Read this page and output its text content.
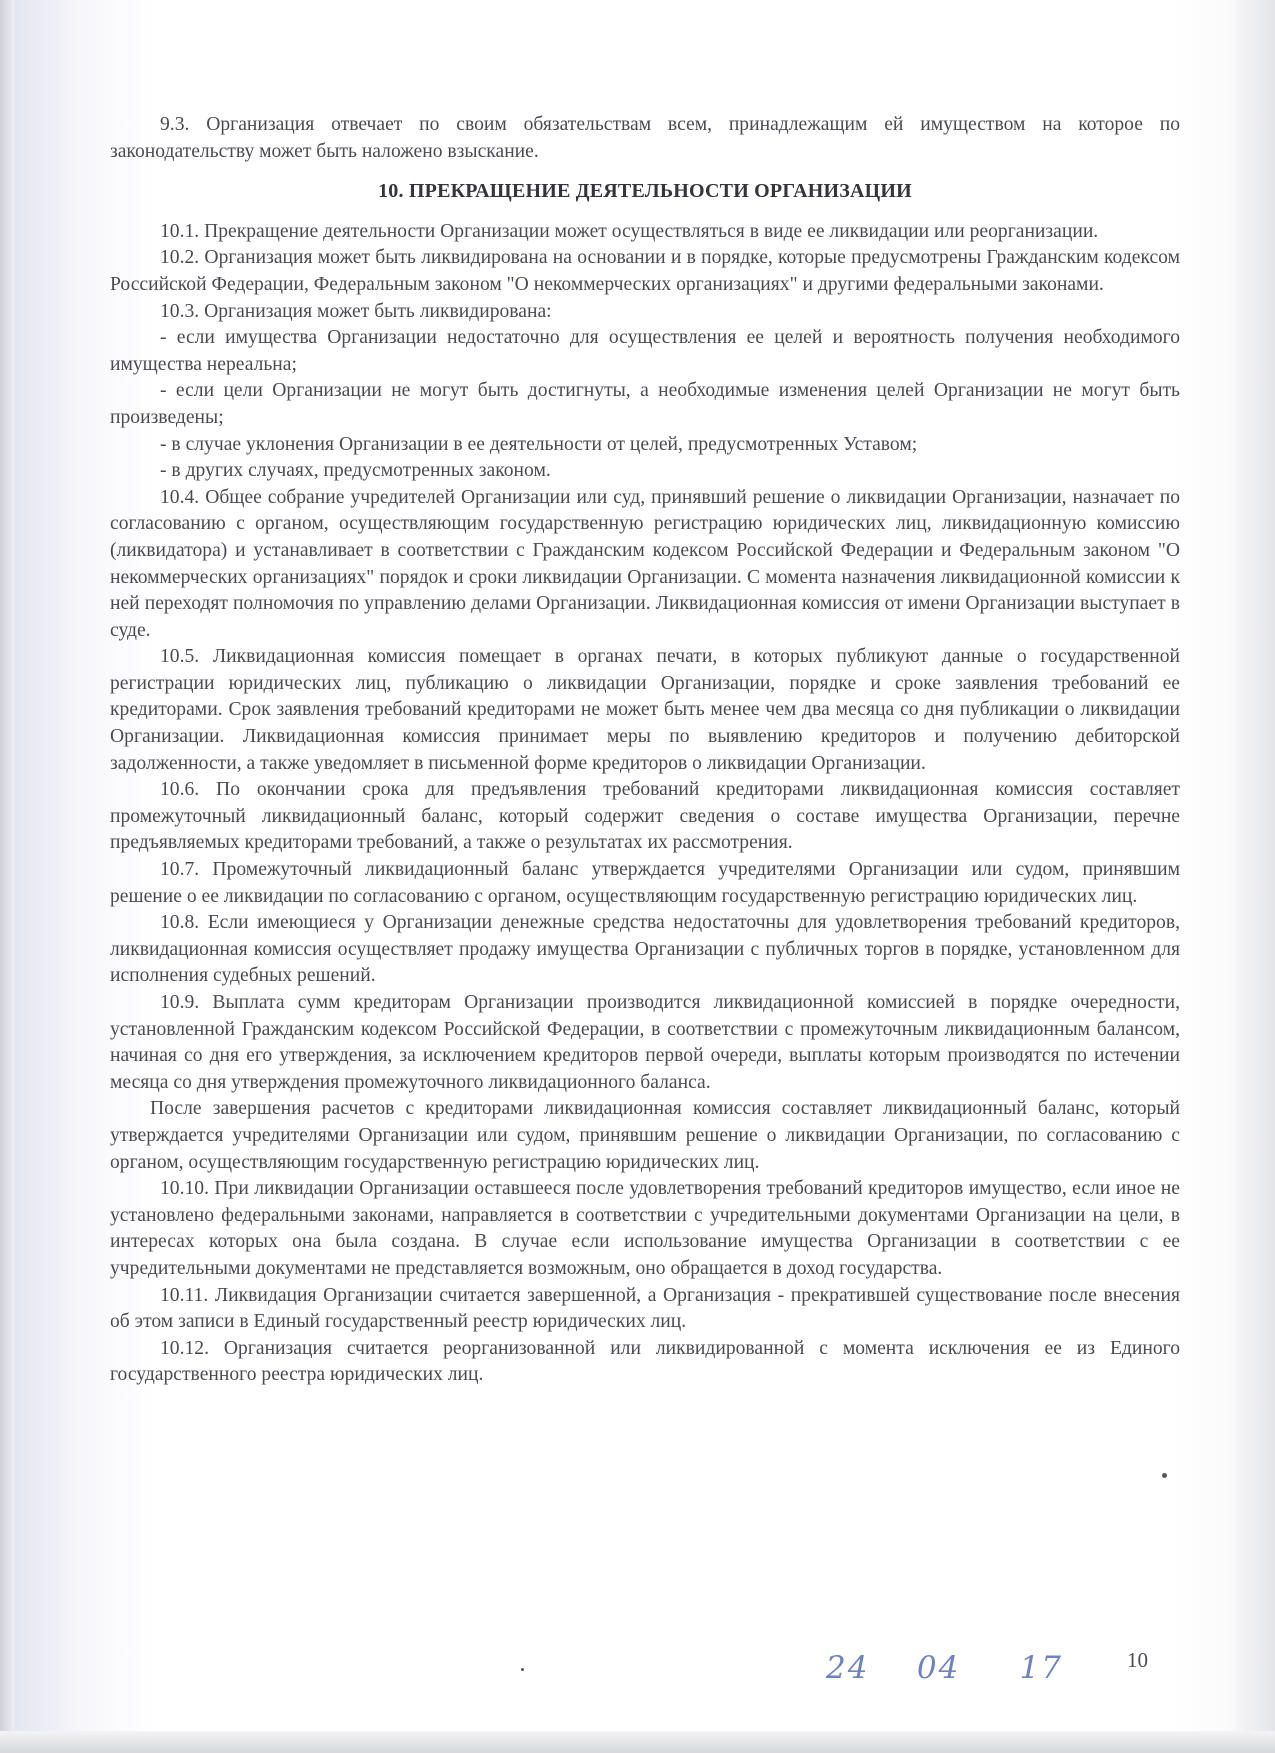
9.3. Организация отвечает по своим обязательствам всем, принадлежащим ей имуществом на которое по законодательству может быть наложено взыскание.

10. ПРЕКРАЩЕНИЕ ДЕЯТЕЛЬНОСТИ ОРГАНИЗАЦИИ

10.1. Прекращение деятельности Организации может осуществляться в виде ее ликвидации или реорганизации.

10.2. Организация может быть ликвидирована на основании и в порядке, которые предусмотрены Гражданским кодексом Российской Федерации, Федеральным законом "О некоммерческих организациях" и другими федеральными законами.

10.3. Организация может быть ликвидирована:

- если имущества Организации недостаточно для осуществления ее целей и вероятность получения необходимого имущества нереальна;

- если цели Организации не могут быть достигнуты, а необходимые изменения целей Организации не могут быть произведены;

- в случае уклонения Организации в ее деятельности от целей, предусмотренных Уставом;

- в других случаях, предусмотренных законом.

10.4. Общее собрание учредителей Организации или суд, принявший решение о ликвидации Организации, назначает по согласованию с органом, осуществляющим государственную регистрацию юридических лиц, ликвидационную комиссию (ликвидатора) и устанавливает в соответствии с Гражданским кодексом Российской Федерации и Федеральным законом "О некоммерческих организациях" порядок и сроки ликвидации Организации. С момента назначения ликвидационной комиссии к ней переходят полномочия по управлению делами Организации. Ликвидационная комиссия от имени Организации выступает в суде.

10.5. Ликвидационная комиссия помещает в органах печати, в которых публикуют данные о государственной регистрации юридических лиц, публикацию о ликвидации Организации, порядке и сроке заявления требований ее кредиторами. Срок заявления требований кредиторами не может быть менее чем два месяца со дня публикации о ликвидации Организации. Ликвидационная комиссия принимает меры по выявлению кредиторов и получению дебиторской задолженности, а также уведомляет в письменной форме кредиторов о ликвидации Организации.

10.6. По окончании срока для предъявления требований кредиторами ликвидационная комиссия составляет промежуточный ликвидационный баланс, который содержит сведения о составе имущества Организации, перечне предъявляемых кредиторами требований, а также о результатах их рассмотрения.

10.7. Промежуточный ликвидационный баланс утверждается учредителями Организации или судом, принявшим решение о ее ликвидации по согласованию с органом, осуществляющим государственную регистрацию юридических лиц.

10.8. Если имеющиеся у Организации денежные средства недостаточны для удовлетворения требований кредиторов, ликвидационная комиссия осуществляет продажу имущества Организации с публичных торгов в порядке, установленном для исполнения судебных решений.

10.9. Выплата сумм кредиторам Организации производится ликвидационной комиссией в порядке очередности, установленной Гражданским кодексом Российской Федерации, в соответствии с промежуточным ликвидационным балансом, начиная со дня его утверждения, за исключением кредиторов первой очереди, выплаты которым производятся по истечении месяца со дня утверждения промежуточного ликвидационного баланса.

После завершения расчетов с кредиторами ликвидационная комиссия составляет ликвидационный баланс, который утверждается учредителями Организации или судом, принявшим решение о ликвидации Организации, по согласованию с органом, осуществляющим государственную регистрацию юридических лиц.

10.10. При ликвидации Организации оставшееся после удовлетворения требований кредиторов имущество, если иное не установлено федеральными законами, направляется в соответствии с учредительными документами Организации на цели, в интересах которых она была создана. В случае если использование имущества Организации в соответствии с ее учредительными документами не представляется возможным, оно обращается в доход государства.

10.11. Ликвидация Организации считается завершенной, а Организация - прекратившей существование после внесения об этом записи в Единый государственный реестр юридических лиц.

10.12. Организация считается реорганизованной или ликвидированной с момента исключения ее из Единого государственного реестра юридических лиц.

24    04     17	10
